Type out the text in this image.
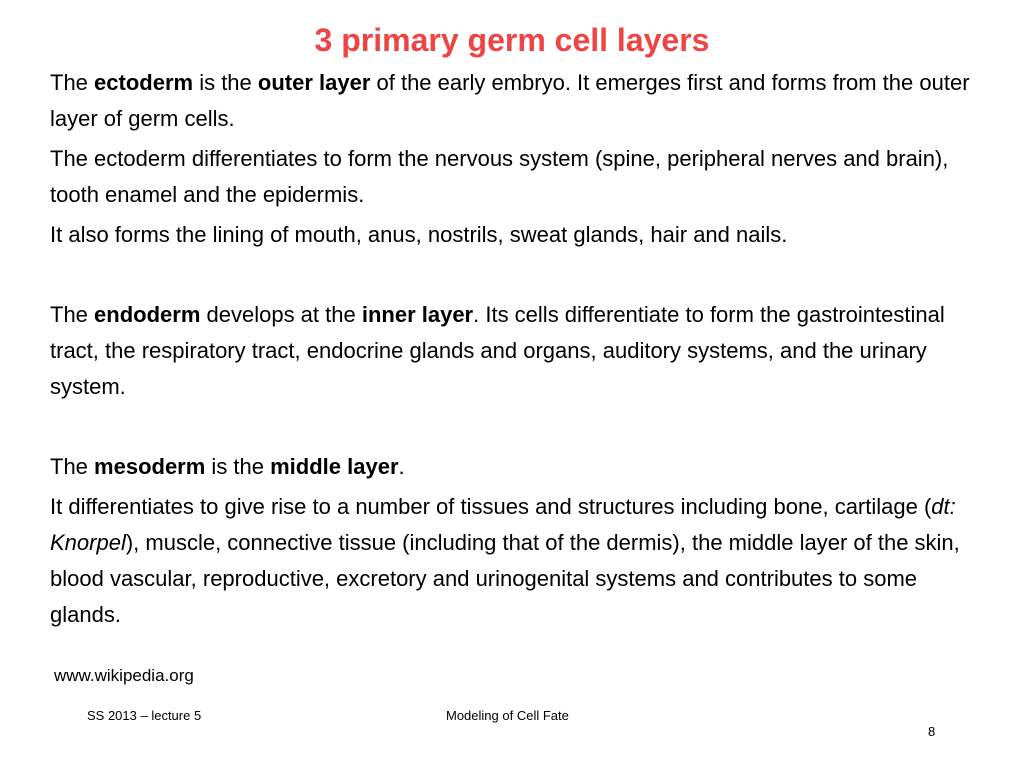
3 primary germ cell layers

The ectoderm is the outer layer of the early embryo. It emerges first and forms from the outer layer of germ cells.

The ectoderm differentiates to form the nervous system (spine, peripheral nerves and brain), tooth enamel and the epidermis.

It also forms the lining of mouth, anus, nostrils, sweat glands, hair and nails.

The endoderm develops at the inner layer. Its cells differentiate to form the gastrointestinal tract, the respiratory tract, endocrine glands and organs, auditory systems, and the urinary system.

The mesoderm is the middle layer.

It differentiates to give rise to a number of tissues and structures including bone, cartilage (dt: Knorpel), muscle, connective tissue (including that of the dermis), the middle layer of the skin, blood vascular, reproductive, excretory and urinogenital systems and contributes to some glands.

www.wikipedia.org
SS 2013 – lecture 5	Modeling of Cell Fate
8
